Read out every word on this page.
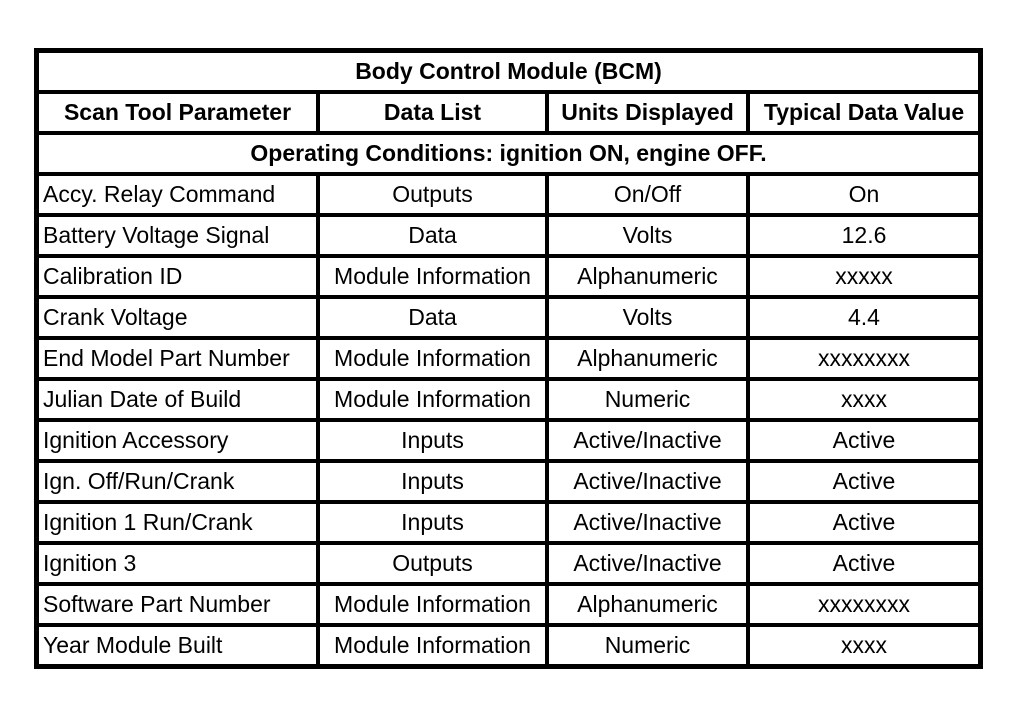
Body Control Module (BCM)			
Scan Tool Parameter	Data List	Units Displayed	Typical Data Value
Operating Conditions: ignition ON, engine OFF.			
Accy. Relay Command	Outputs	On/Off	On
Battery Voltage Signal	Data	Volts	12.6
Calibration ID	Module Information	Alphanumeric	xxxxx
Crank Voltage	Data	Volts	4.4
End Model Part Number	Module Information	Alphanumeric	xxxxxxxx
Julian Date of Build	Module Information	Numeric	xxxx
Ignition Accessory	Inputs	Active/Inactive	Active
Ign. Off/Run/Crank	Inputs	Active/Inactive	Active
Ignition 1 Run/Crank	Inputs	Active/Inactive	Active
Ignition 3	Outputs	Active/Inactive	Active
Software Part Number	Module Information	Alphanumeric	xxxxxxxx
Year Module Built	Module Information	Numeric	xxxx
